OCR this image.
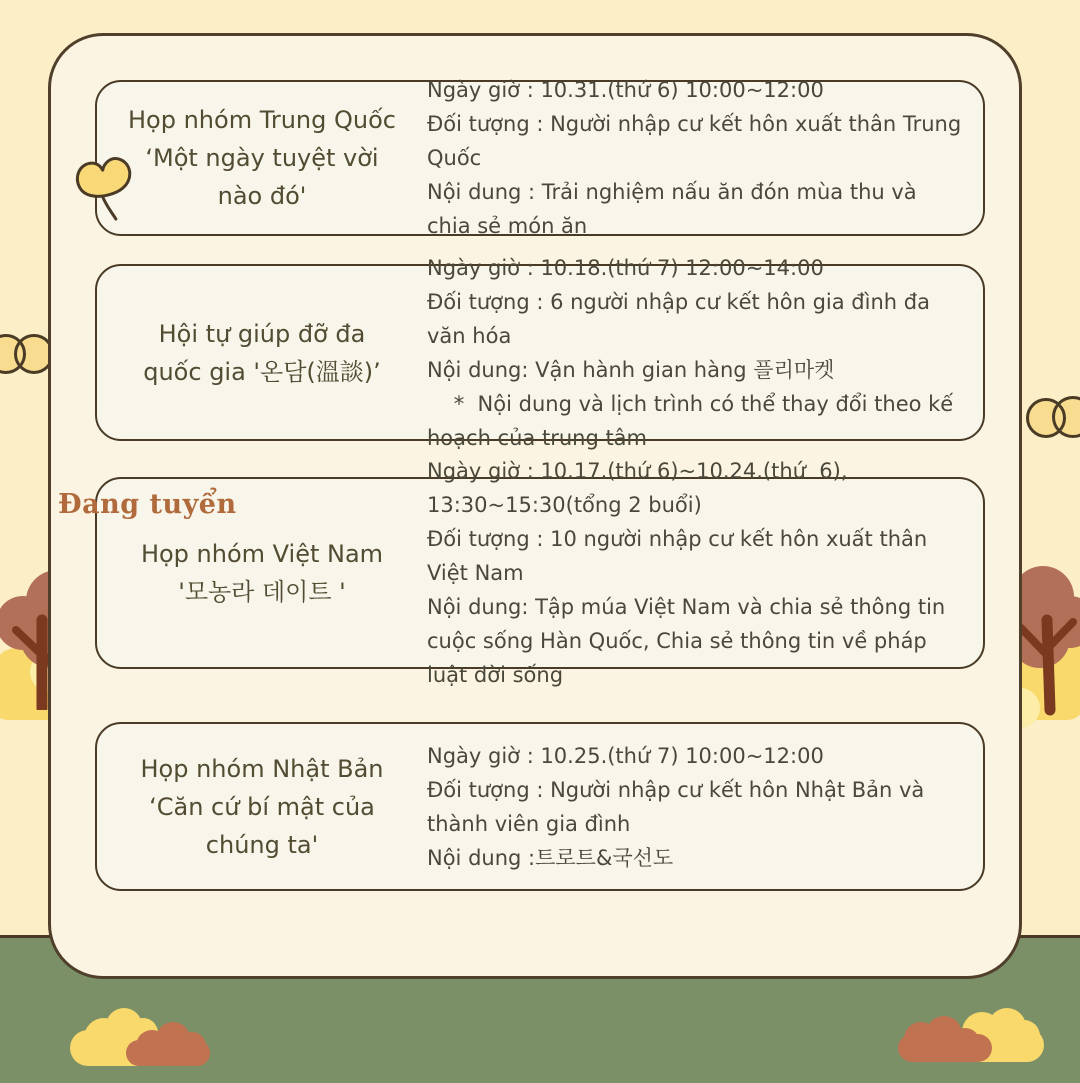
Họp nhóm Trung Quốc
‘Một ngày tuyệt vời
nào đó'
Ngày giờ : 10.31.(thứ 6) 10:00~12:00
Đối tượng : Người nhập cư kết hôn xuất thân Trung Quốc
Nội dung : Trải nghiệm nấu ăn đón mùa thu và chia sẻ món ăn
Hội tự giúp đỡ đa
quốc gia '온담(溫談)’
Ngày giờ : 10.18.(thứ 7) 12:00~14:00
Đối tượng : 6 người nhập cư kết hôn gia đình đa văn hóa
Nội dung: Vận hành gian hàng 플리마켓
*  Nội dung và lịch trình có thể thay đổi theo kế hoạch của trung tâm
Họp nhóm Việt Nam
'모농라 데이트 '
Ngày giờ : 10.17.(thứ 6)~10.24.(thứ  6), 13:30~15:30(tổng 2 buổi)
Đối tượng : 10 người nhập cư kết hôn xuất thân Việt Nam
Nội dung: Tập múa Việt Nam và chia sẻ thông tin cuộc sống Hàn Quốc, Chia sẻ thông tin về pháp luật đời sống
Họp nhóm Nhật Bản
‘Căn cứ bí mật của
chúng ta'
Ngày giờ : 10.25.(thứ 7) 10:00~12:00
Đối tượng : Người nhập cư kết hôn Nhật Bản và thành viên gia đình
Nội dung :트로트&국선도
Đang tuyển
